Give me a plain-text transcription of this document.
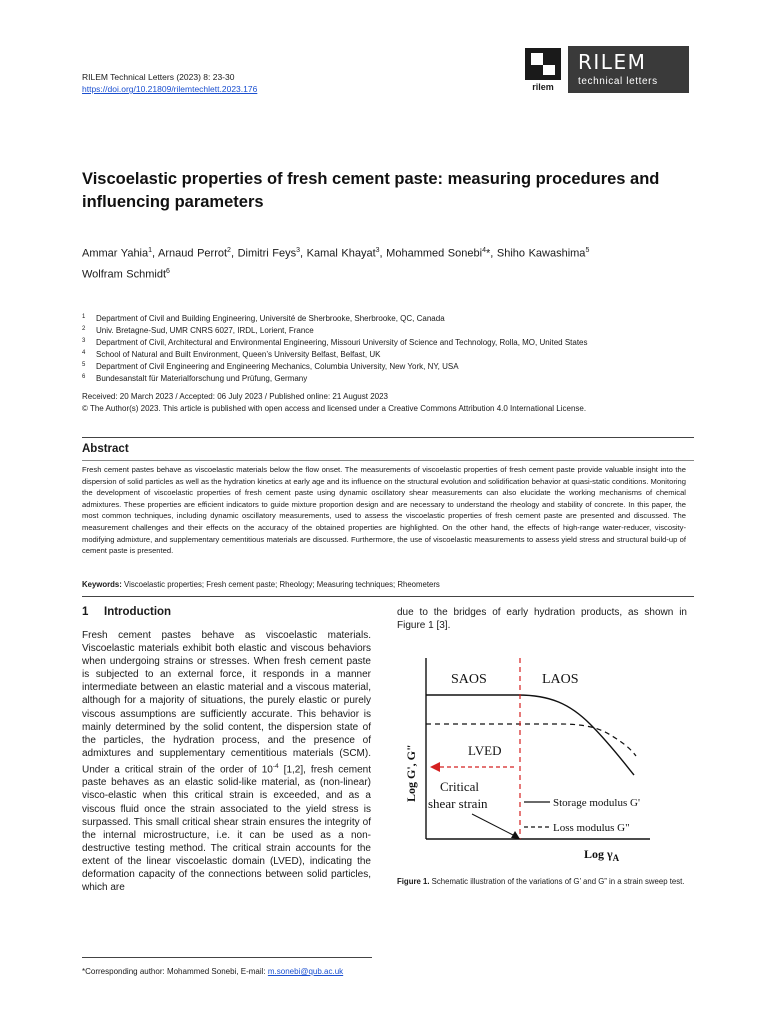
RILEM Technical Letters (2023) 8: 23-30
https://doi.org/10.21809/rilemtechlett.2023.176	rilem
RILEM
technical letters
Viscoelastic properties of fresh cement paste: measuring procedures and influencing parameters
Ammar Yahia$^1$, Arnaud Perrot$^2$, Dimitri Feys$^3$, Kamal Khayat$^3$, Mohammed Sonebi$^4$*, Shiho Kawashima$^5$
Wolfram Schmidt$^6$
1	Department of Civil and Building Engineering, Université de Sherbrooke, Sherbrooke, QC, Canada
2	Univ. Bretagne-Sud, UMR CNRS 6027, IRDL, Lorient, France
3	Department of Civil, Architectural and Environmental Engineering, Missouri University of Science and Technology, Rolla, MO, United States
4	School of Natural and Built Environment, Queen’s University Belfast, Belfast, UK
5	Department of Civil Engineering and Engineering Mechanics, Columbia University, New York, NY, USA
6	Bundesanstalt für Materialforschung und Prüfung, Germany
Received: 20 March 2023 / Accepted: 06 July 2023 / Published online: 21 August 2023
© The Author(s) 2023. This article is published with open access and licensed under a Creative Commons Attribution 4.0 International License.
Abstract
Fresh cement pastes behave as viscoelastic materials below the flow onset. The measurements of viscoelastic properties of fresh cement paste provide valuable insight into the dispersion of solid particles as well as the hydration kinetics at early age and its influence on the structural evolution and solidification behavior at quasi-static conditions. Monitoring the development of viscoelastic properties of fresh cement paste using dynamic oscillatory shear measurements can also elucidate the working mechanisms of chemical admixtures. These properties are efficient indicators to guide mixture proportion design and are necessary to understand the rheology and stability of concrete. In this paper, the most common techniques, including dynamic oscillatory measurements, used to assess the viscoelastic properties of fresh cement paste are presented and discussed. The measurement challenges and their effects on the accuracy of the obtained properties are highlighted. On the other hand, the effects of high-range water-reducer, viscosity-modifying admixture, and supplementary cementitious materials are discussed. Furthermore, the use of viscoelastic measurements to assess yield stress and structural build-up of cement paste is presented.
Keywords: Viscoelastic properties; Fresh cement paste; Rheology; Measuring techniques; Rheometers
1 Introduction
Fresh cement pastes behave as viscoelastic materials. Viscoelastic materials exhibit both elastic and viscous behaviors when undergoing strains or stresses. When fresh cement paste is subjected to an external force, it responds in a manner intermediate between an elastic material and a viscous material, although for a majority of situations, the purely elastic or purely viscous assumptions are sufficiently accurate. This behavior is mainly determined by the solid content, the dispersion state of the particles, the hydration process, and the presence of admixtures and supplementary cementitious materials (SCM). Under a critical strain of the order of $10^{-4}$ [1,2], fresh cement paste behaves as an elastic solid-like material, as (non-linear) visco-elastic when this critical strain is exceeded, and as a viscous fluid once the strain associated to the yield stress is surpassed. This small critical shear strain ensures the integrity of the internal microstructure, i.e. it can be used as a non-destructive testing method. The critical strain accounts for the extent of the linear viscoelastic domain (LVED), indicating the deformation capacity of the connections between solid particles, which are
due to the bridges of early hydration products, as shown in Figure 1 [3].
SAOS	LAOS
LVED
Critical
shear strain	Storage modulus G'
Loss modulus G"
Log G', G"
Log $\gamma_A$
Figure 1. Schematic illustration of the variations of G’ and G” in a strain sweep test.
*Corresponding author: Mohammed Sonebi, E-mail: m.sonebi@qub.ac.uk
